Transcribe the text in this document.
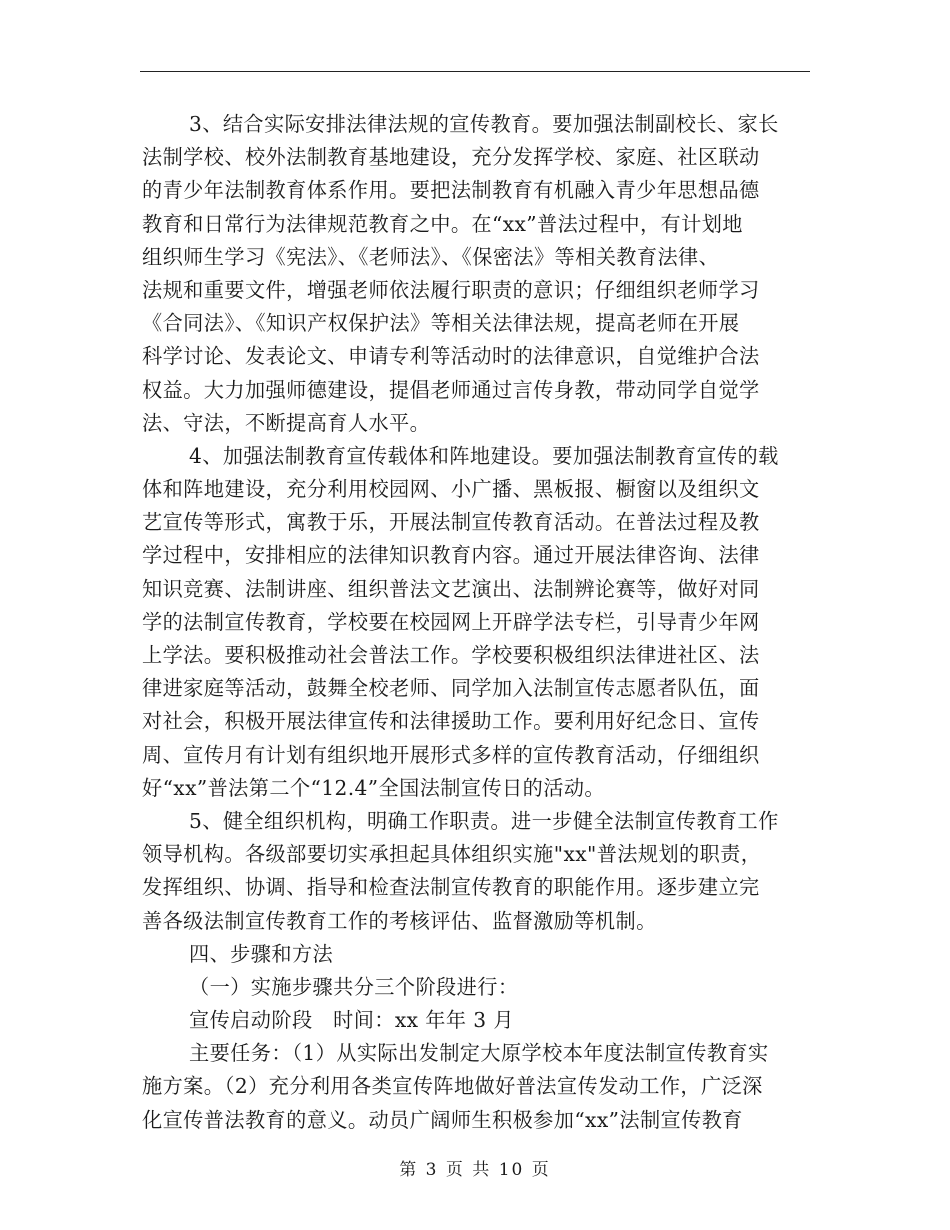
3、结合实际安排法律法规的宣传教育。要加强法制副校长、家长
法制学校、校外法制教育基地建设，充分发挥学校、家庭、社区联动
的青少年法制教育体系作用。要把法制教育有机融入青少年思想品德
教育和日常行为法律规范教育之中。在“xx”普法过程中，有计划地
组织师生学习《宪法》、《老师法》、《保密法》等相关教育法律、
法规和重要文件，增强老师依法履行职责的意识；仔细组织老师学习
《合同法》、《知识产权保护法》等相关法律法规，提高老师在开展
科学讨论、发表论文、申请专利等活动时的法律意识，自觉维护合法
权益。大力加强师德建设，提倡老师通过言传身教，带动同学自觉学
法、守法，不断提高育人水平。
4、加强法制教育宣传载体和阵地建设。要加强法制教育宣传的载
体和阵地建设，充分利用校园网、小广播、黑板报、橱窗以及组织文
艺宣传等形式，寓教于乐，开展法制宣传教育活动。在普法过程及教
学过程中，安排相应的法律知识教育内容。通过开展法律咨询、法律
知识竞赛、法制讲座、组织普法文艺演出、法制辨论赛等，做好对同
学的法制宣传教育，学校要在校园网上开辟学法专栏，引导青少年网
上学法。要积极推动社会普法工作。学校要积极组织法律进社区、法
律进家庭等活动，鼓舞全校老师、同学加入法制宣传志愿者队伍，面
对社会，积极开展法律宣传和法律援助工作。要利用好纪念日、宣传
周、宣传月有计划有组织地开展形式多样的宣传教育活动，仔细组织
好“xx”普法第二个“12.4”全国法制宣传日的活动。
5、健全组织机构，明确工作职责。进一步健全法制宣传教育工作
领导机构。各级部要切实承担起具体组织实施"xx"普法规划的职责，
发挥组织、协调、指导和检查法制宣传教育的职能作用。逐步建立完
善各级法制宣传教育工作的考核评估、监督激励等机制。
四、步骤和方法
（一）实施步骤共分三个阶段进行：
宣传启动阶段　时间：xx 年年 3 月
主要任务：（1）从实际出发制定大原学校本年度法制宣传教育实
施方案。（2）充分利用各类宣传阵地做好普法宣传发动工作，广泛深
化宣传普法教育的意义。动员广阔师生积极参加“xx”法制宣传教育
第 3 页 共 10 页
